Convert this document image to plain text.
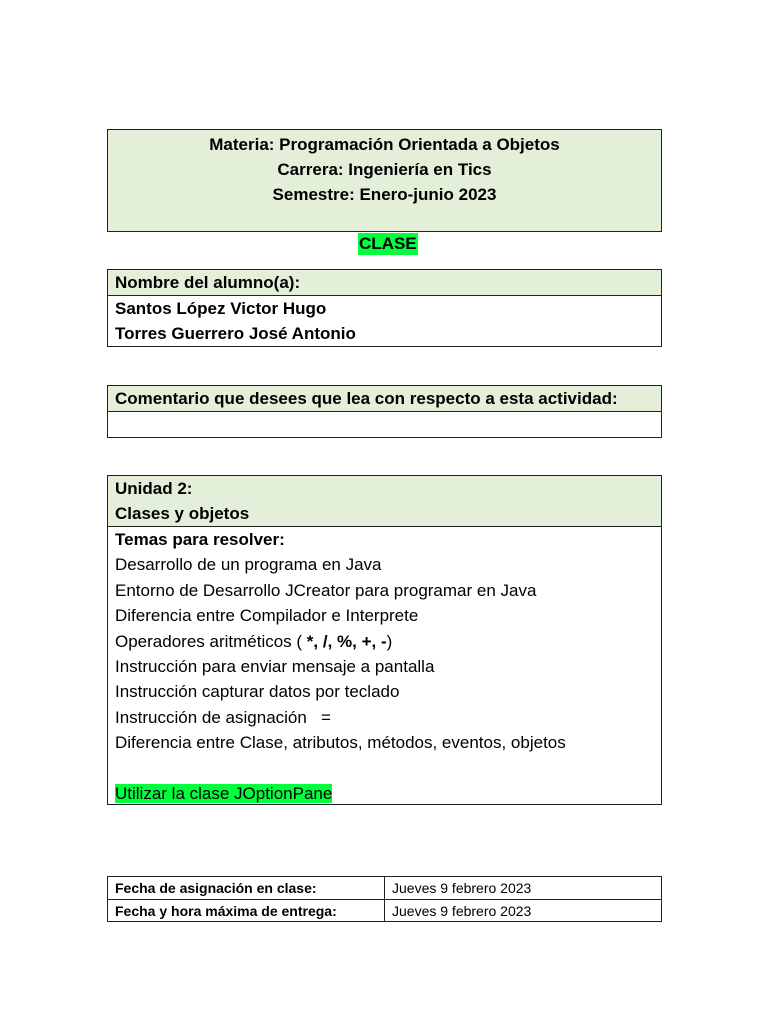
Materia: Programación Orientada a Objetos
Carrera: Ingeniería en Tics
Semestre: Enero-junio 2023
CLASE
Nombre del alumno(a):
Santos López Victor Hugo
Torres Guerrero José Antonio
Comentario que desees que lea con respecto a esta actividad:
Unidad 2:
Clases y objetos
Temas para resolver:
Desarrollo de un programa en Java
Entorno de Desarrollo JCreator para programar en Java
Diferencia entre Compilador e Interprete
Operadores aritméticos ( *, /, %, +, -)
Instrucción para enviar mensaje a pantalla
Instrucción capturar datos por teclado
Instrucción de asignación   =
Diferencia entre Clase, atributos, métodos, eventos, objetos
Utilizar la clase JOptionPane
Fecha de asignación en clase:	Jueves 9 febrero 2023
Fecha y hora máxima de entrega:	Jueves 9 febrero 2023
